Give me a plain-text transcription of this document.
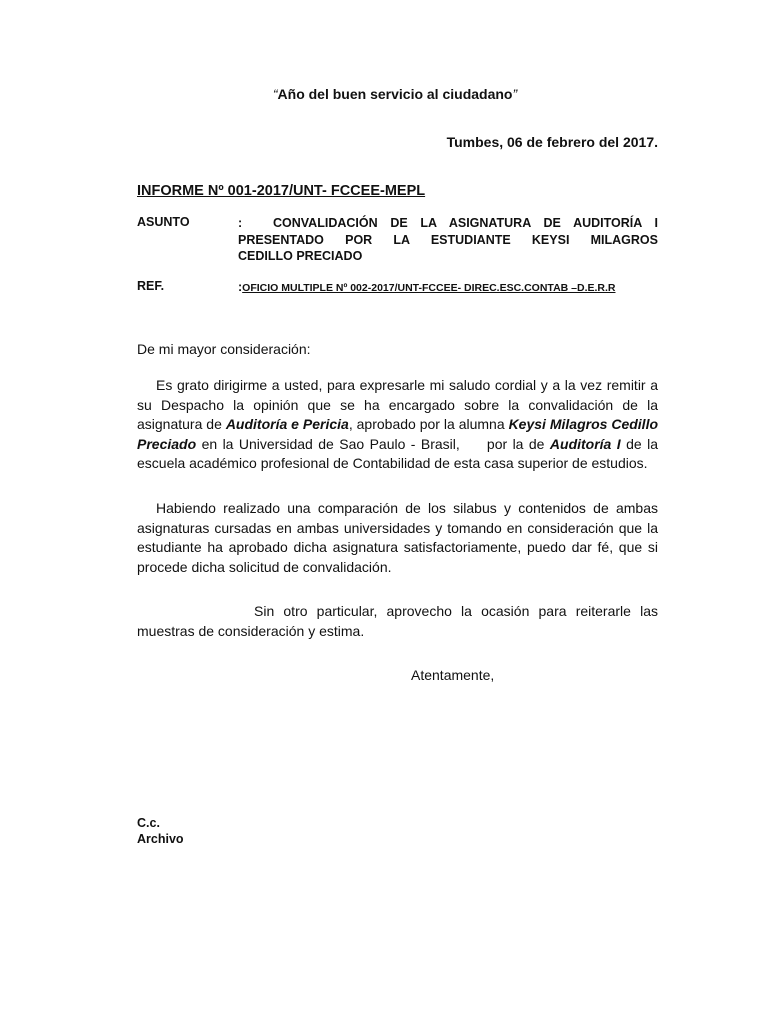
“Año del buen servicio al ciudadano”
Tumbes, 06 de febrero del 2017.
INFORME Nº 001-2017/UNT- FCCEE-MEPL
ASUNTO	: CONVALIDACIÓN DE LA ASIGNATURA DE AUDITORÍA I
PRESENTADO POR LA ESTUDIANTE KEYSI MILAGROS
CEDILLO PRECIADO
REF.	:OFICIO MULTIPLE Nº 002-2017/UNT-FCCEE- DIREC.ESC.CONTAB –D.E.R.R
De mi mayor consideración:
Es grato dirigirme a usted, para expresarle mi saludo cordial y a la vez remitir a su Despacho la opinión que se ha encargado sobre la convalidación de la asignatura de Auditoría e Pericia, aprobado por la alumna Keysi Milagros Cedillo Preciado en la Universidad de Sao Paulo - Brasil,     por la de Auditoría I de la escuela académico profesional de Contabilidad de esta casa superior de estudios.
Habiendo realizado una comparación de los silabus y contenidos de ambas asignaturas cursadas en ambas universidades y tomando en consideración que la estudiante ha aprobado dicha asignatura satisfactoriamente, puedo dar fé, que si procede dicha solicitud de convalidación.
Sin otro particular, aprovecho la ocasión para reiterarle las muestras de consideración y estima.
Atentamente,
C.c.
Archivo
